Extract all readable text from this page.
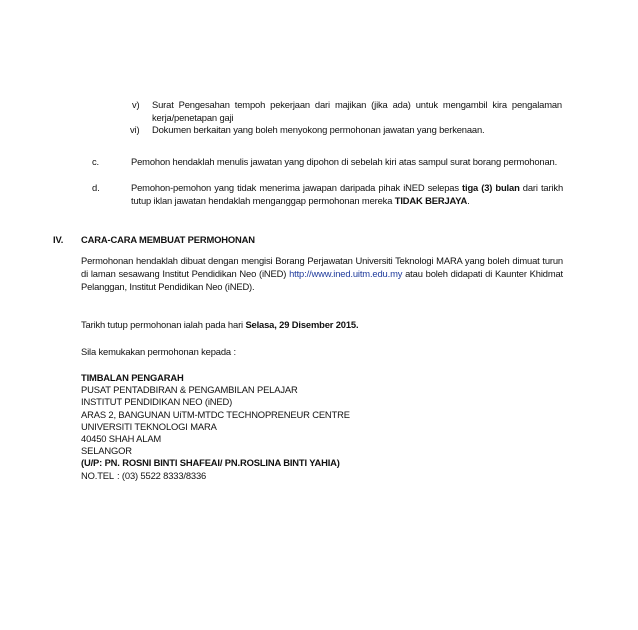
v) Surat Pengesahan tempoh pekerjaan dari majikan (jika ada) untuk mengambil kira pengalaman kerja/penetapan gaji
vi) Dokumen berkaitan yang boleh menyokong permohonan jawatan yang berkenaan.
c.	Pemohon hendaklah menulis jawatan yang dipohon di sebelah kiri atas sampul surat borang permohonan.
d.	Pemohon-pemohon yang tidak menerima jawapan daripada pihak iNED selepas tiga (3) bulan dari tarikh tutup iklan jawatan hendaklah menganggap permohonan mereka TIDAK BERJAYA.
IV. CARA-CARA MEMBUAT PERMOHONAN
Permohonan hendaklah dibuat dengan mengisi Borang Perjawatan Universiti Teknologi MARA yang boleh dimuat turun di laman sesawang Institut Pendidikan Neo (iNED) http://www.ined.uitm.edu.my atau boleh didapati di Kaunter Khidmat Pelanggan, Institut Pendidikan Neo (iNED).
Tarikh tutup permohonan ialah pada hari Selasa, 29 Disember 2015.
Sila kemukakan permohonan kepada :
TIMBALAN PENGARAH
PUSAT PENTADBIRAN & PENGAMBILAN PELAJAR
INSTITUT PENDIDIKAN NEO (iNED)
ARAS 2, BANGUNAN UiTM-MTDC TECHNOPRENEUR CENTRE
UNIVERSITI TEKNOLOGI MARA
40450 SHAH ALAM
SELANGOR
(U/P: PN. ROSNI BINTI SHAFEAI/ PN.ROSLINA BINTI YAHIA)
NO.TEL : (03) 5522 8333/8336
